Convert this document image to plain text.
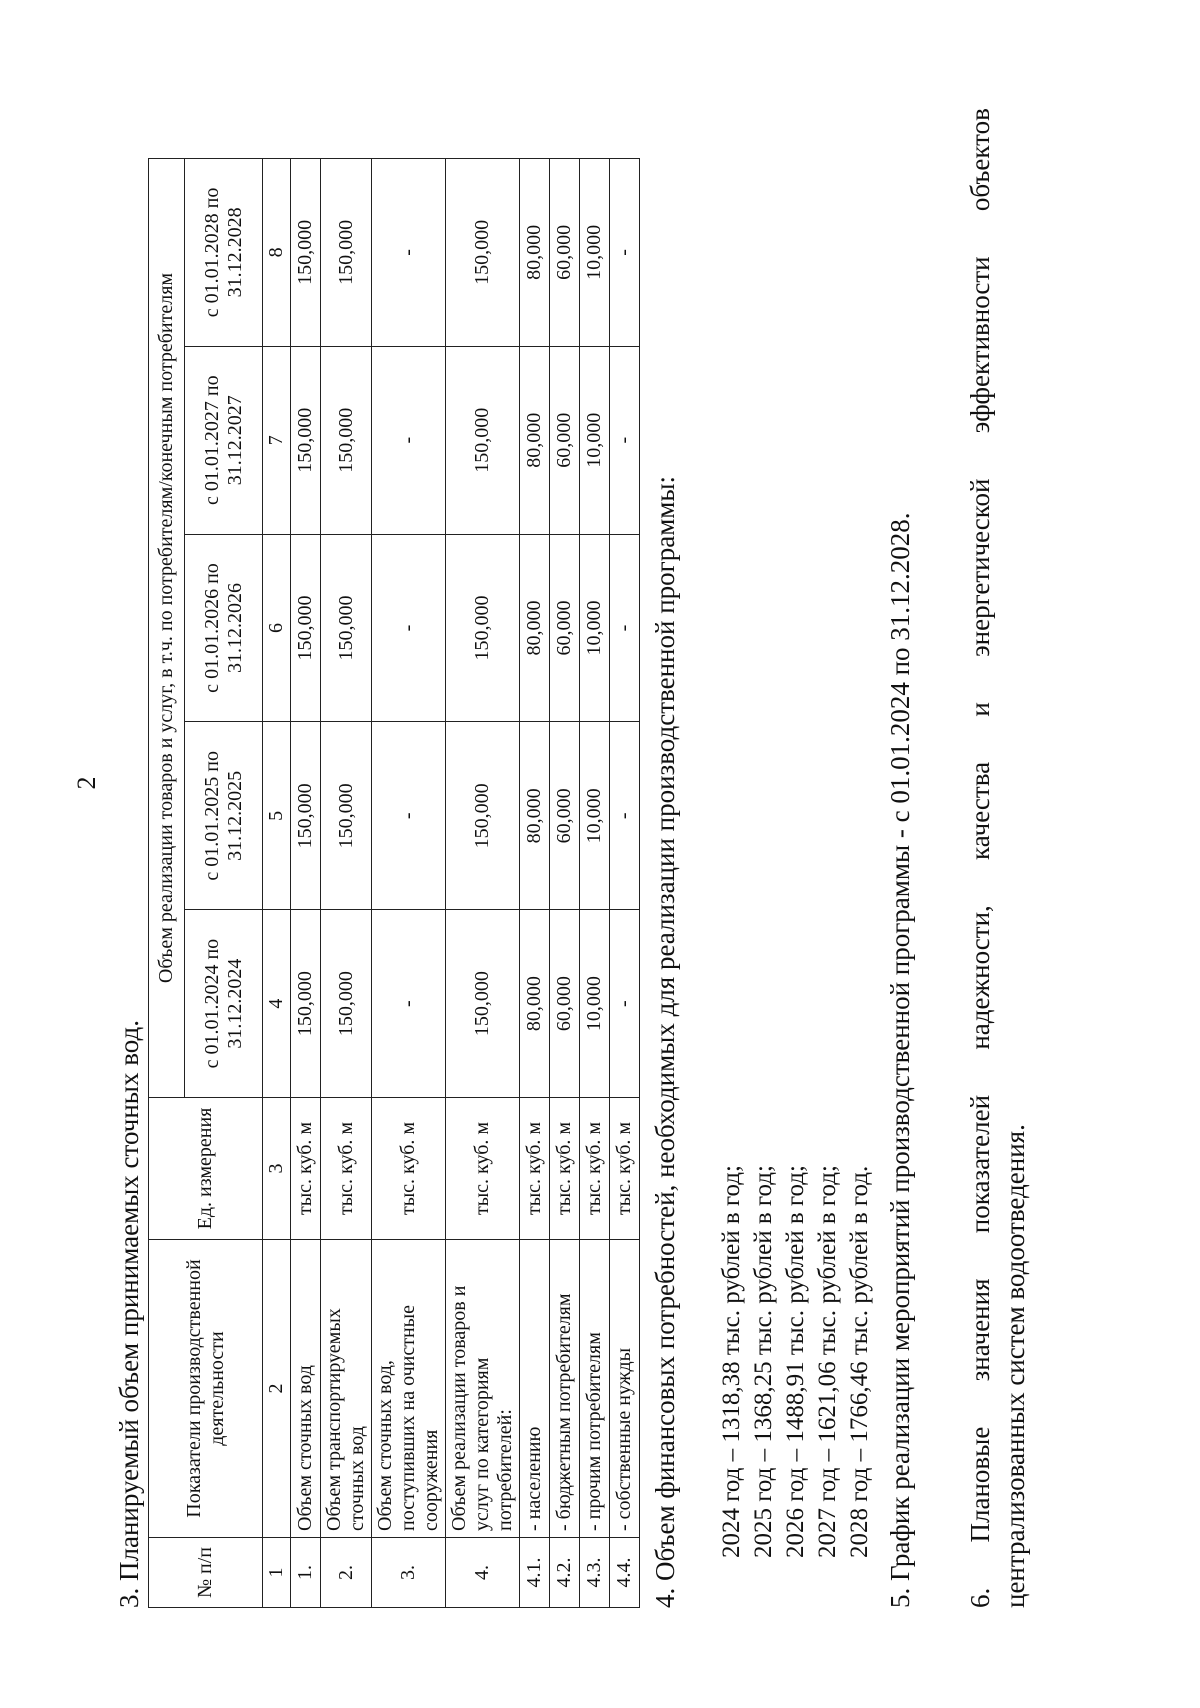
2
3. Планируемый объем принимаемых сточных вод.	№ п/п	Показатели производственной деятельности	Ед. измерения	Объем реализации товаров и услуг, в т.ч. по потребителям/конечным потребителям				
			с 01.01.2024 по 31.12.2024	с 01.01.2025 по 31.12.2025	с 01.01.2026 по 31.12.2026	с 01.01.2027 по 31.12.2027	с 01.01.2028 по 31.12.2028
1	2	3	4	5	6	7	8
1.	Объем сточных вод	тыс. куб. м	150,000	150,000	150,000	150,000	150,000
2.	Объем транспортируемых сточных вод	тыс. куб. м	150,000	150,000	150,000	150,000	150,000
3.	Объем сточных вод, поступивших на очистные сооружения	тыс. куб. м	-	-	-	-	-
4.	Объем реализации товаров и услуг по категориям потребителей:	тыс. куб. м	150,000	150,000	150,000	150,000	150,000
4.1.	- населению	тыс. куб. м	80,000	80,000	80,000	80,000	80,000
4.2.	- бюджетным потребителям	тыс. куб. м	60,000	60,000	60,000	60,000	60,000
4.3.	- прочим потребителям	тыс. куб. м	10,000	10,000	10,000	10,000	10,000
4.4.	- собственные нужды	тыс. куб. м	-	-	-	-	-
4. Объем финансовых потребностей, необходимых для реализации производственной программы: 2024 год – 1318,38 тыс. рублей в год; 2025 год – 1368,25 тыс. рублей в год; 2026 год – 1488,91 тыс. рублей в год; 2027 год – 1621,06 тыс. рублей в год; 2028 год – 1766,46 тыс. рублей в год. 5. График реализации мероприятий производственной программы - с 01.01.2024 по 31.12.2028. 6.
Плановые
значения
показателей
надежности,
качества
и
энергетической
эффективности
объектов
централизованных систем водоотведения.
